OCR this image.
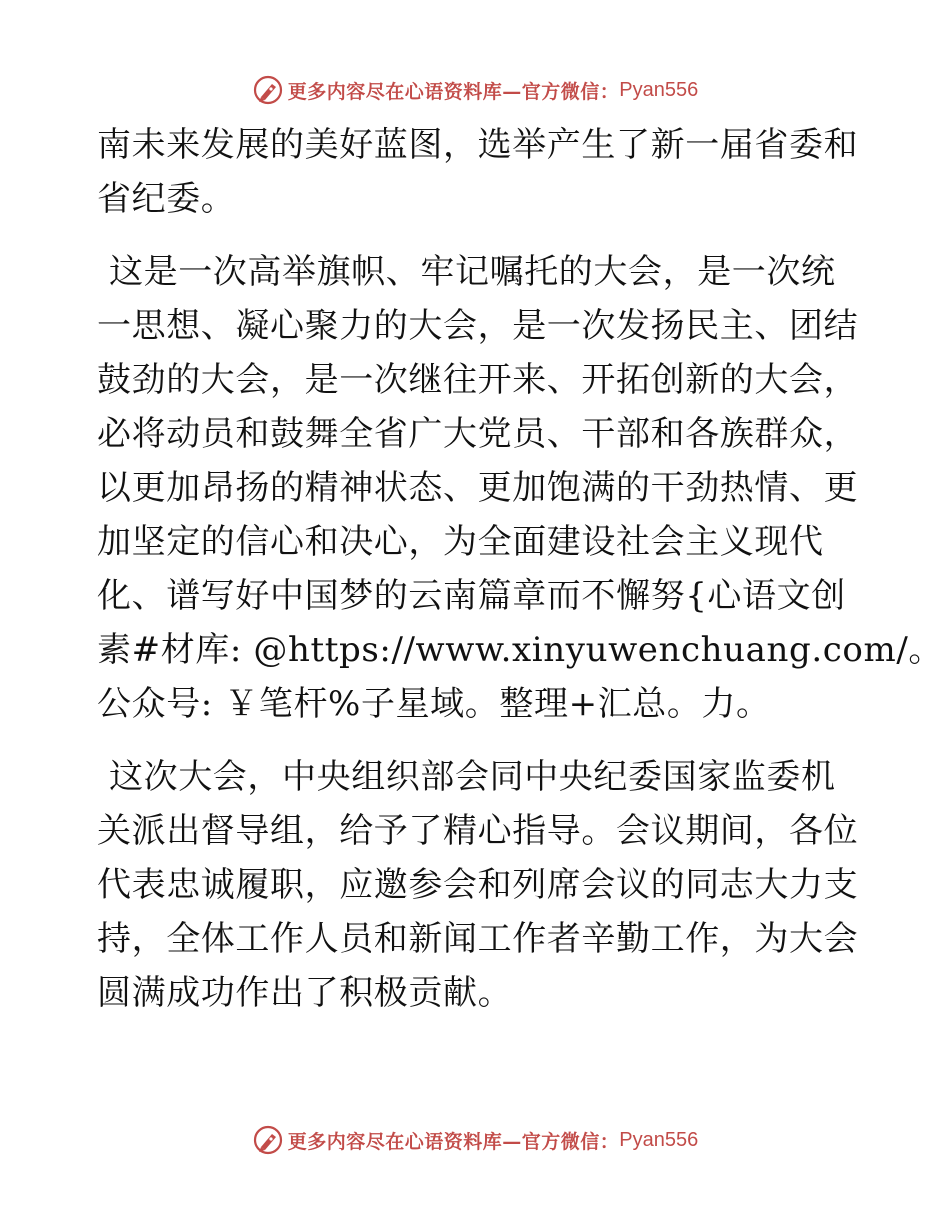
更多内容尽在心语资料库—官方微信： Pyan556

南未来发展的美好蓝图，选举产生了新一届省委和
省纪委。

这是一次高举旗帜、牢记嘱托的大会，是一次统
一思想、凝心聚力的大会，是一次发扬民主、团结
鼓劲的大会，是一次继往开来、开拓创新的大会，
必将动员和鼓舞全省广大党员、干部和各族群众，
以更加昂扬的精神状态、更加饱满的干劲热情、更
加坚定的信心和决心，为全面建设社会主义现代
化、谱写好中国梦的云南篇章而不懈努{心语文创
素#材库: @https://www.xinyuwenchuang.com/。
公众号: ￥笔杆%子星域。整理+汇总。力。

这次大会，中央组织部会同中央纪委国家监委机
关派出督导组，给予了精心指导。会议期间，各位
代表忠诚履职，应邀参会和列席会议的同志大力支
持，全体工作人员和新闻工作者辛勤工作，为大会
圆满成功作出了积极贡献。

更多内容尽在心语资料库—官方微信： Pyan556
